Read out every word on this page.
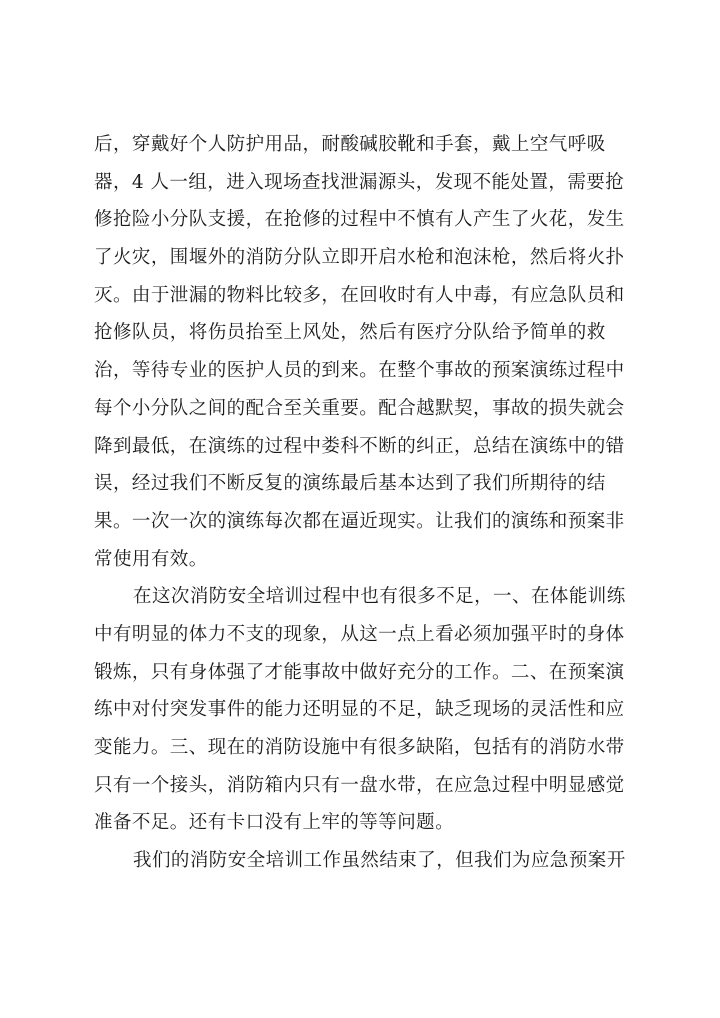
后，穿戴好个人防护用品，耐酸碱胶靴和手套，戴上空气呼吸
器，4 人一组，进入现场查找泄漏源头，发现不能处置，需要抢
修抢险小分队支援，在抢修的过程中不慎有人产生了火花，发生
了火灾，围堰外的消防分队立即开启水枪和泡沫枪，然后将火扑
灭。由于泄漏的物料比较多，在回收时有人中毒，有应急队员和
抢修队员，将伤员抬至上风处，然后有医疗分队给予简单的救
治，等待专业的医护人员的到来。在整个事故的预案演练过程中
每个小分队之间的配合至关重要。配合越默契，事故的损失就会
降到最低，在演练的过程中娄科不断的纠正，总结在演练中的错
误，经过我们不断反复的演练最后基本达到了我们所期待的结
果。一次一次的演练每次都在逼近现实。让我们的演练和预案非
常使用有效。
在这次消防安全培训过程中也有很多不足，一、在体能训练
中有明显的体力不支的现象，从这一点上看必须加强平时的身体
锻炼，只有身体强了才能事故中做好充分的工作。二、在预案演
练中对付突发事件的能力还明显的不足，缺乏现场的灵活性和应
变能力。三、现在的消防设施中有很多缺陷，包括有的消防水带
只有一个接头，消防箱内只有一盘水带，在应急过程中明显感觉
准备不足。还有卡口没有上牢的等等问题。
我们的消防安全培训工作虽然结束了，但我们为应急预案开
